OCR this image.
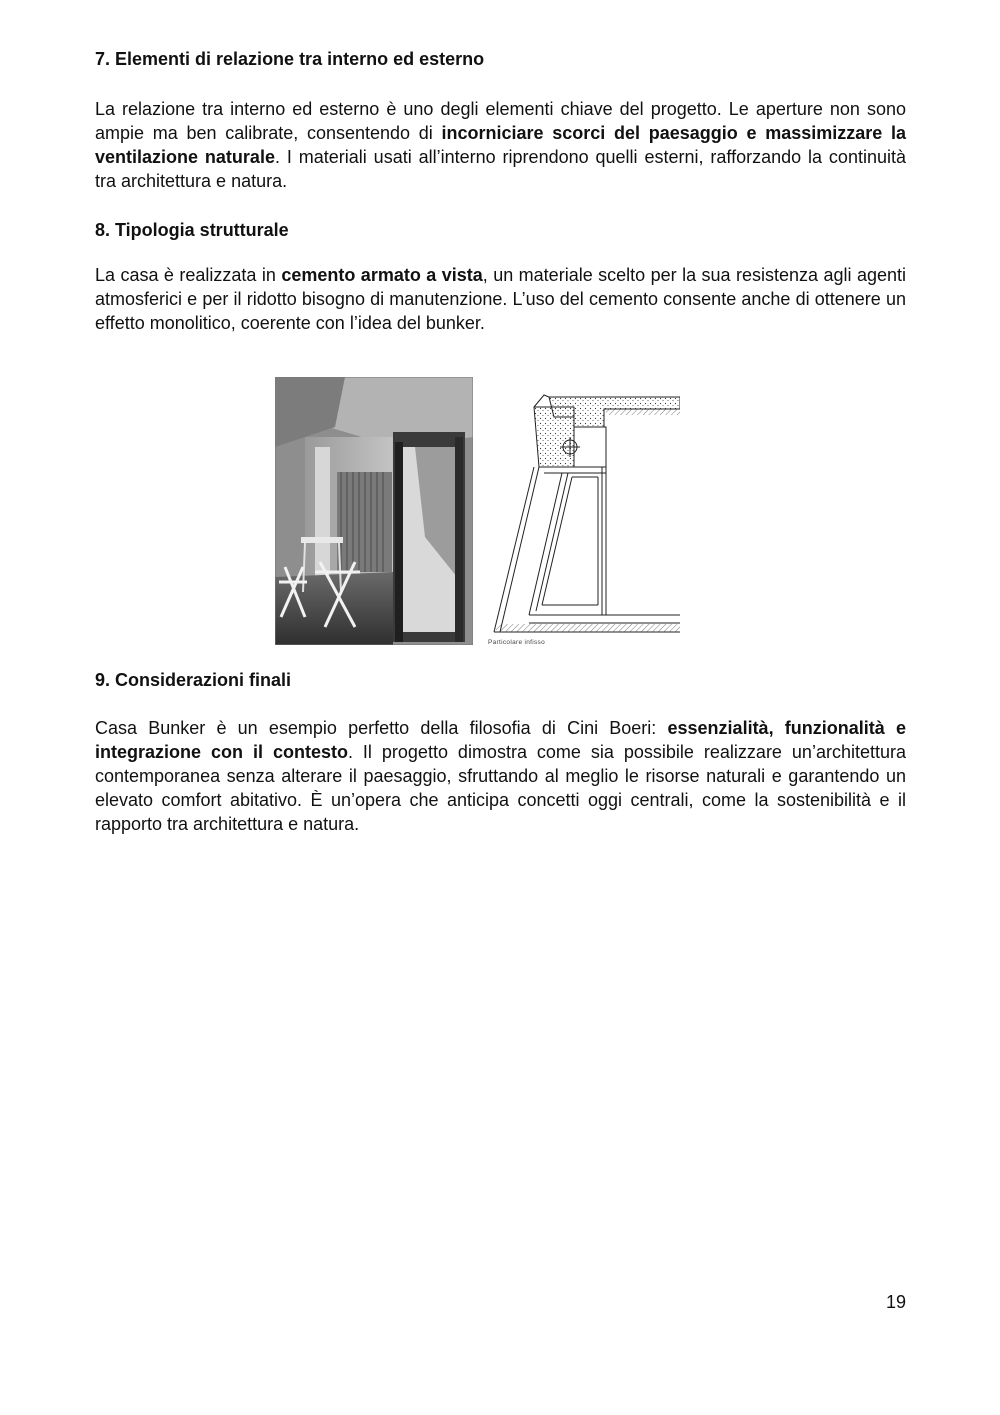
7. Elementi di relazione tra interno ed esterno

La relazione tra interno ed esterno è uno degli elementi chiave del progetto. Le aperture non sono ampie ma ben calibrate, consentendo di incorniciare scorci del paesaggio e massimizzare la ventilazione naturale. I materiali usati all’interno riprendono quelli esterni, rafforzando la continuità tra architettura e natura.

8. Tipologia strutturale

La casa è realizzata in cemento armato a vista, un materiale scelto per la sua resistenza agli agenti atmosferici e per il ridotto bisogno di manutenzione. L’uso del cemento consente anche di ottenere un effetto monolitico, coerente con l’idea del bunker.

Particolare infisso
9. Considerazioni finali

Casa Bunker è un esempio perfetto della filosofia di Cini Boeri: essenzialità, funzionalità e integrazione con il contesto. Il progetto dimostra come sia possibile realizzare un’architettura contemporanea senza alterare il paesaggio, sfruttando al meglio le risorse naturali e garantendo un elevato comfort abitativo. È un’opera che anticipa concetti oggi centrali, come la sostenibilità e il rapporto tra architettura e natura.

19
